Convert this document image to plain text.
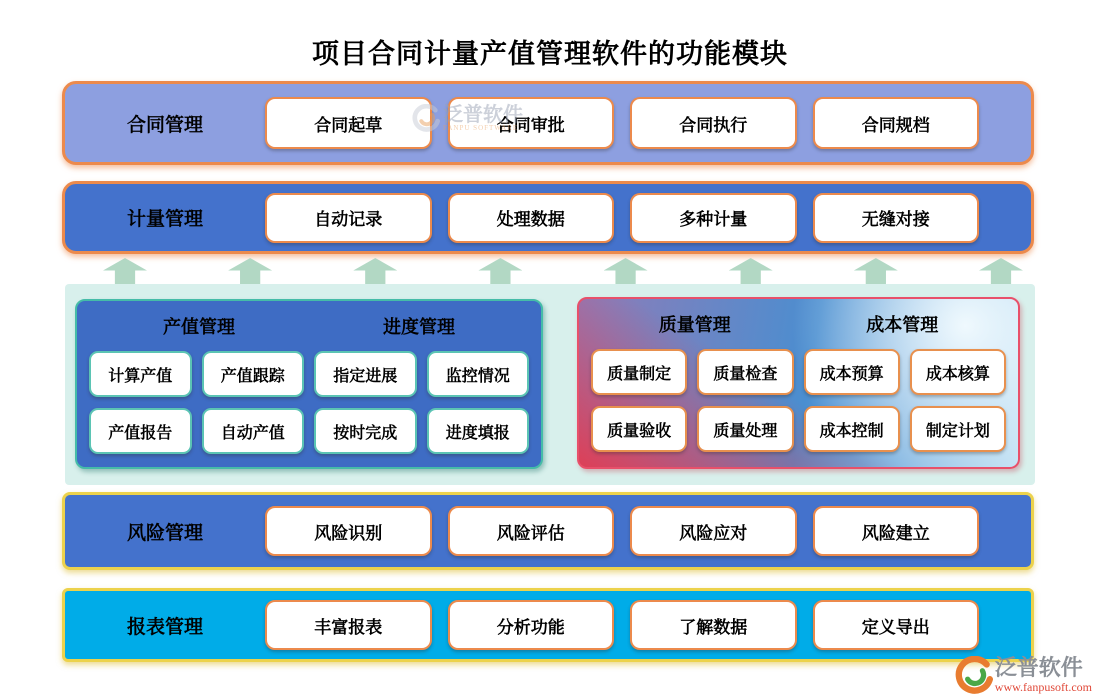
项目合同计量产值管理软件的功能模块
合同管理	合同起草	合同审批	合同执行	合同规档
计量管理	自动记录	处理数据	多种计量	无缝对接
产值管理	进度管理
计算产值	产值跟踪	指定进展	监控情况
产值报告	自动产值	按时完成	进度填报
质量管理	成本管理
质量制定	质量检查	成本预算	成本核算
质量验收	质量处理	成本控制	制定计划
风险管理	风险识别	风险评估	风险应对	风险建立
报表管理	丰富报表	分析功能	了解数据	定义导出
泛普软件
FANPU SOFTWARE
泛普软件
www.fanpusoft.com
